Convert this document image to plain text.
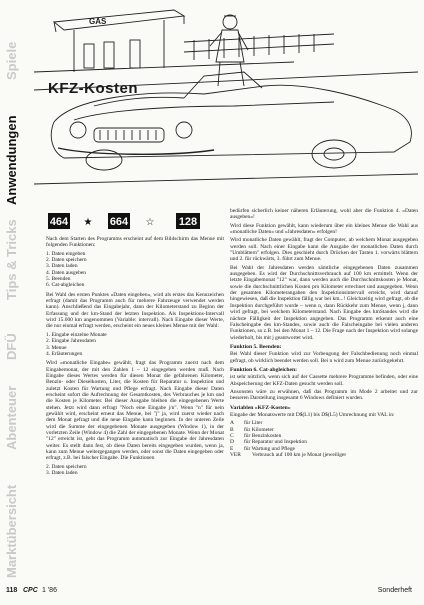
Spiele
Anwendungen
Tips & Tricks
DFÜ
Abenteuer
Marktübersicht
GAS
KFZ-Kosten
464 ★ 664 ☆ 128

Nach dem Starten des Programms erscheint auf dem Bildschirm das Menue mit folgenden Funktionen:

1. Daten eingeben
2. Daten speichern
3. Daten laden
4. Daten ausgeben
5. Beenden
6. Cat-abgleichen

Bei Wahl des ersten Punktes »Daten eingeben«, wird als erstes das Kennzeichen erfragt (damit das Programm auch für mehrere Fahrzeuge verwendet werden kann). Anschließend das Eingabejahr, dann der Kilometerstand zu Beginn der Erfassung und der km-Stand der letzten Inspektion. Als Inspektions-Intervall wird 15.000 km angenommen (Variable: intervall). Nach Eingabe dieser Werte, die nur einmal erfragt werden, erscheint ein neues kleines Menue mit der Wahl:

1. Eingabe einzelne Monate
2. Eingabe Jahresdaten
3. Menue
4. Erläuterungen

Wird »monatliche Eingabe« gewählt, fragt das Programm zuerst nach dem Eingabemonat, der mit den Zahlen 1 – 12 eingegeben werden muß. Nach Eingabe dieses Wertes werden für diesen Monat die gefahrenen Kilometer, Benzin- oder Dieselkosten, Liter, die Kosten für Reparatur u. Inspektion und zuletzt Kosten für Wartung und Pflege erfragt. Nach Eingabe dieser Daten erscheint sofort die Aufrechnung der Gesamtkosten, des Verbrauches je km und die Kosten je Kilometer. Bei dieser Ausgabe bleiben die eingegebenen Werte stehen. Jetzt wird dann erfragt "Noch eine Eingabe j/n". Wenn "n" für nein gewählt wird, erscheint erneut das Menue, bei "j" ja, wird zuerst wieder nach dem Monat gefragt und die neue Eingabe kann beginnen. In der unteren Zeile wird die Summe der eingegebenen Monate ausgegeben (Window 1), in der vorletzten Zeile (Window 4) die Zahl der eingegebenen Monate. Wenn der Monat "12" erreicht ist, geht das Programm automatisch zur Eingabe der Jahresdaten weiter. Es stellt dann fest, ob diese Daten bereits eingegeben wurden, wenn ja, kann zum Menue weitergegangen werden, oder sonst die Daten eingegeben oder erfragt, z.B. bei falscher Eingabe. Die Funktionen

2. Daten speichern
3. Daten laden

bedürfen sicherlich keiner näheren Erläuterung, wohl aber die Funktion 4. »Daten ausgeben«!

Wird diese Funktion gewählt, kann wiederum über ein kleines Menue die Wahl aus »monatliche Daten« und »Jahresdaten« erfolgen!

Wird monatliche Daten gewählt, fragt der Computer, ab welchem Monat ausgegeben werden soll. Nach einer Eingabe kann die Ausgabe der monatlichen Daten durch "Umblättern" erfolgen. Dies geschieht durch Drücken der Tasten 1. vorwärts blättern und 2. für rückwärts, 3. führt zum Menue.

Bei Wahl der Jahresdaten werden sämtliche eingegebenen Daten zusammen ausgegeben. Es wird der Durchschnittsverbrauch auf 100 km ermittelt. Wenn der letzte Eingabemonat "12" war, dann werden auch die Durchschnittskosten je Monat, sowie die durchschnittlichen Kosten pro Kilometer errechnet und ausgegeben. Wenn der gesamten Kilometerangaben den Inspektionsintervall erreicht, wird darauf hingewiesen, daß die Inspektion fällig war bei km...! Gleichzeitig wird gefragt, ob die Inspektion durchgeführt wurde – wenn n, dann Rückkehr zum Menue, wenn j, dann wird gefragt, bei welchem Kilometerstand. Nach Eingabe des kmStandes wird die nächste Fälligkeit der Inspektion angegeben. Das Programm erkennt auch eine Falscheingabe des km-Standes, sowie auch die Falscheingabe bei vielen anderen Funktionen, so z.B. bei den Monat 1 – 12. Die Frage nach der Inspektion wird solange wiederholt, bis mit j geantwortet wird.

Funktion 5. Beenden:

Bei Wahl dieser Funktion wird zur Vorbeugung der Falschbedienung noch einmal gefragt, ob wirklich beendet werden soll. Bei n wird zum Menue zurückgekehrt.

Funktion 6. Cat-abgleichen:

ist sehr nützlich, wenn sich auf der Cassette mehrere Programme befinden, oder eine Abspeicherung der KFZ-Daten gesucht werden soll.

Ansonsten wäre zu erwähnen, daß das Programm im Mode 2 arbeitet und zur besseren Darstellung insgesamt 6 Windows definiert wurden.

Variablen »KFZ-Kosten«

Eingabe der Monatswerte mit D$(L1) bis D$(L5) Umrechnung mit VAL in:

A	für Liter
B	für Kilometer
C	für Benzinkosten
D	für Reparatur und Inspektion
E	für Wartung und Pflege
VER	Verbrauch auf 100 km je Monat (jeweiliger
118 CPC 1 '86	Sonderheft
